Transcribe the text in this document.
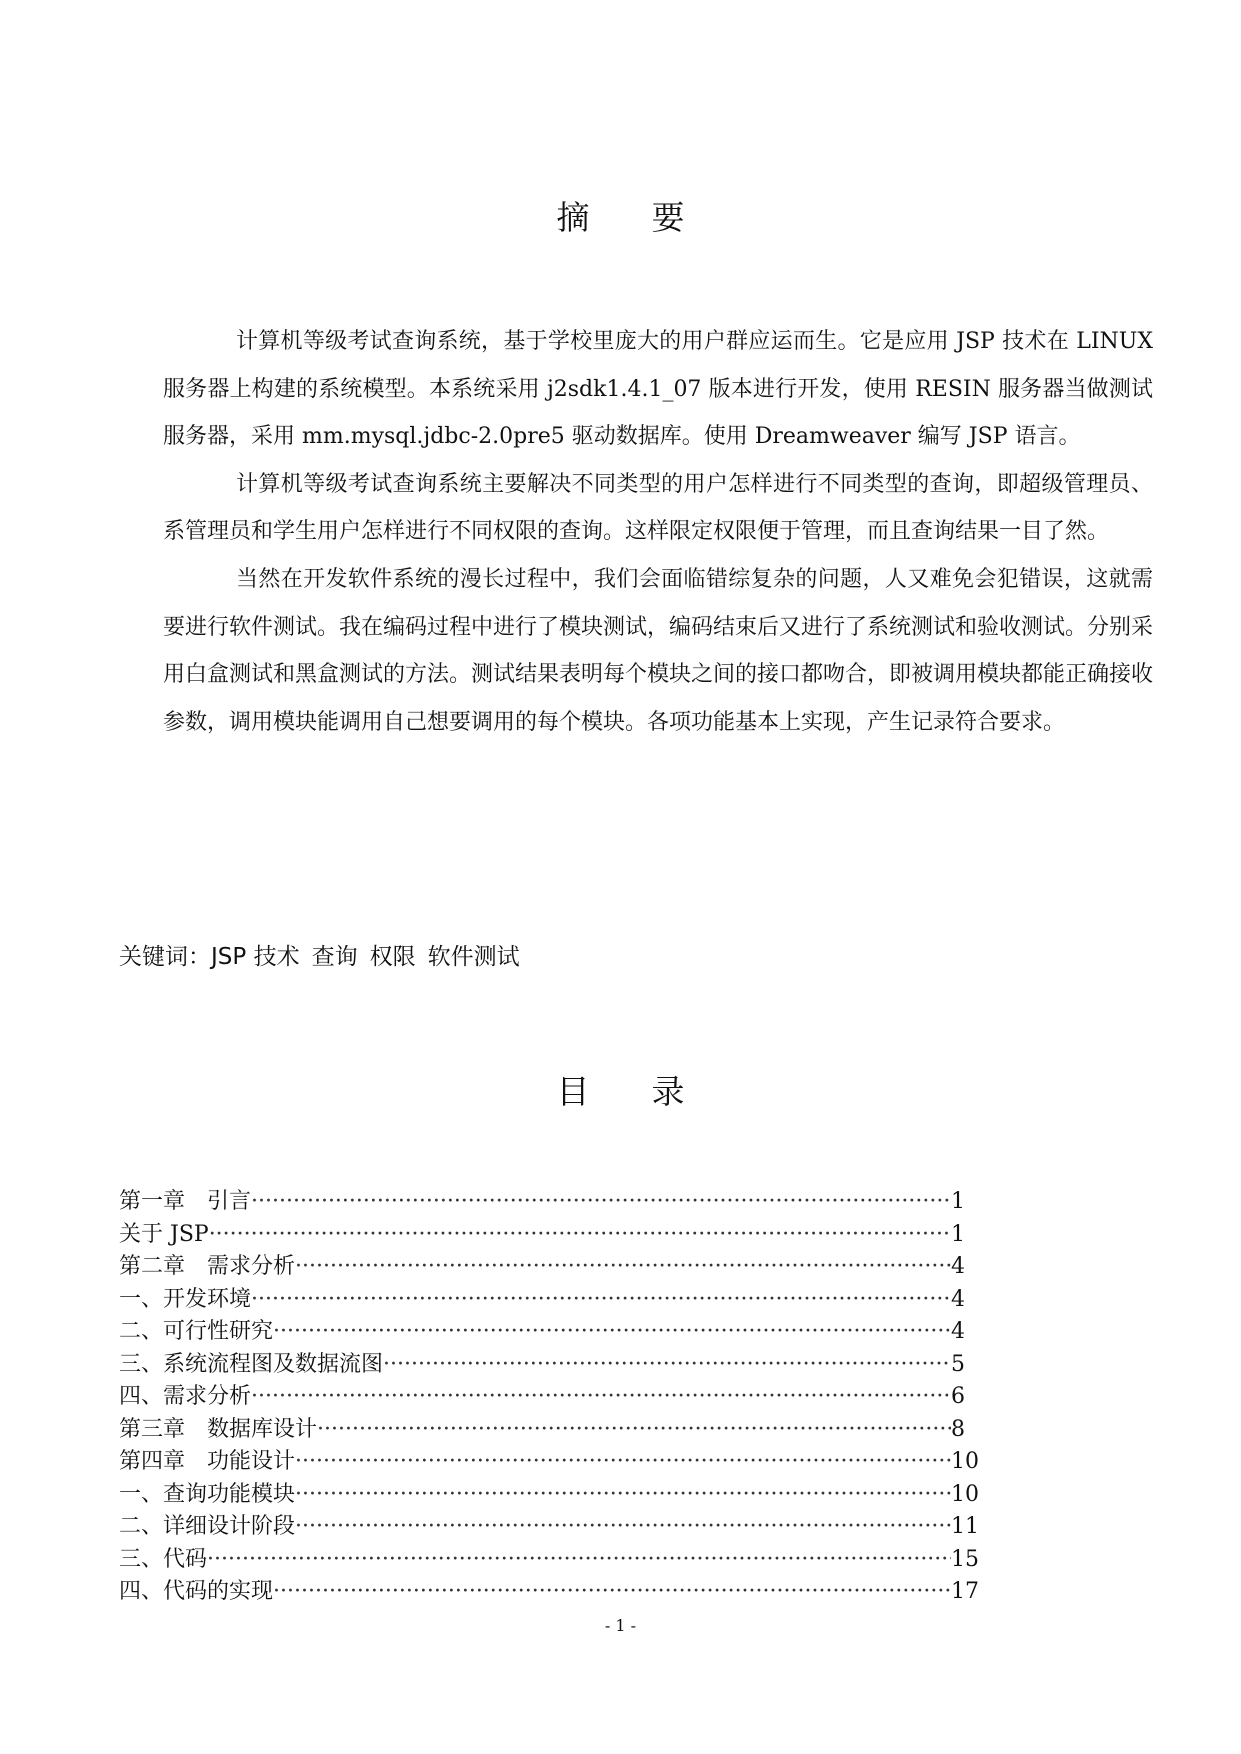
摘要

计算机等级考试查询系统，基于学校里庞大的用户群应运而生。它是应用 JSP 技术在 LINUX 服务器上构建的系统模型。本系统采用 j2sdk1.4.1_07 版本进行开发，使用 RESIN 服务器当做测试服务器，采用 mm.mysql.jdbc-2.0pre5 驱动数据库。使用 Dreamweaver 编写 JSP 语言。

计算机等级考试查询系统主要解决不同类型的用户怎样进行不同类型的查询，即超级管理员、系管理员和学生用户怎样进行不同权限的查询。这样限定权限便于管理，而且查询结果一目了然。

当然在开发软件系统的漫长过程中，我们会面临错综复杂的问题，人又难免会犯错误，这就需要进行软件测试。我在编码过程中进行了模块测试，编码结束后又进行了系统测试和验收测试。分别采用白盒测试和黑盒测试的方法。测试结果表明每个模块之间的接口都吻合，即被调用模块都能正确接收参数，调用模块能调用自己想要调用的每个模块。各项功能基本上实现，产生记录符合要求。

关键词：JSP 技术 查询 权限 软件测试
目录
第一章　引言 ·····	1
关于 JSP ·····	1
第二章　需求分析 ·····	4
一、开发环境 ·····	4
二、可行性研究 ·····	4
三、系统流程图及数据流图 ·····	5
四、需求分析 ·····	6
第三章　数据库设计 ·····	8
第四章　功能设计 ·····	10
一、查询功能模块 ·····	10
二、详细设计阶段 ·····	11
三、代码 ·····	15
四、代码的实现 ·····	17
- 1 -
